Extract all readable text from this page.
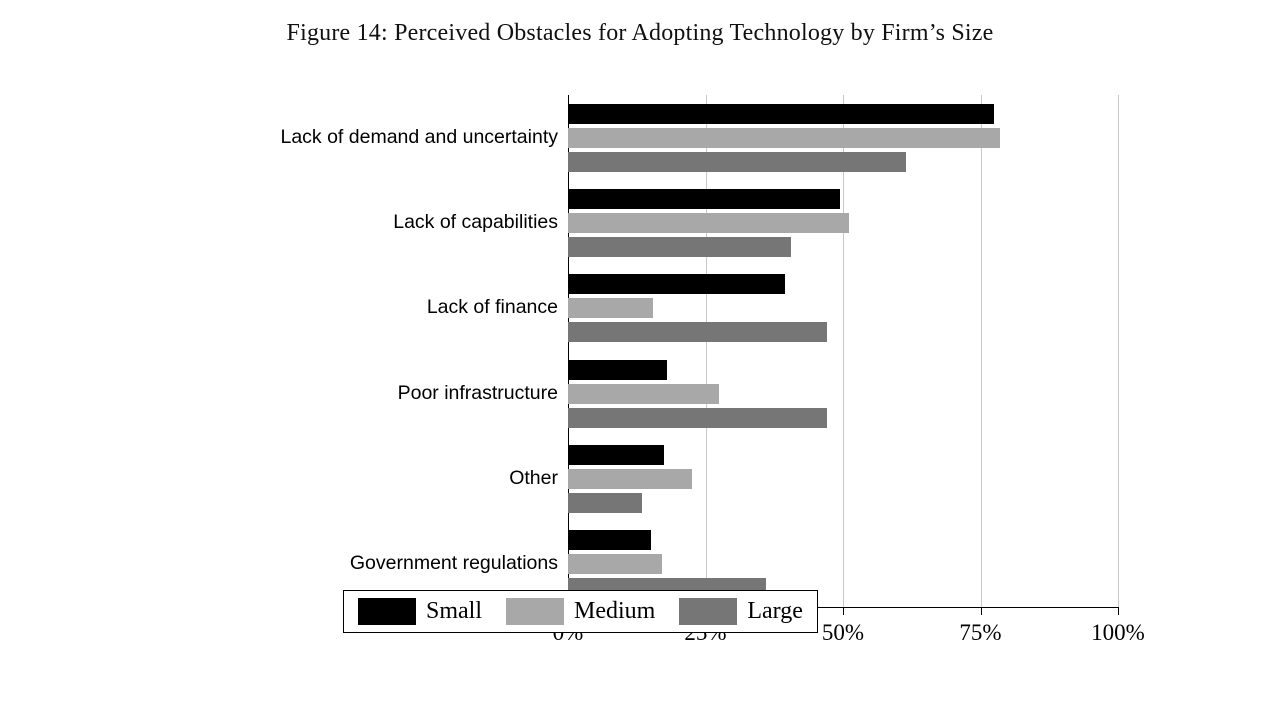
Figure 14: Perceived Obstacles for Adopting Technology by Firm’s Size
Lack of demand and uncertainty
Lack of capabilities
Lack of finance
Poor infrastructure
Other
Government regulations
50%	75%	100%
Small	Medium	Large
